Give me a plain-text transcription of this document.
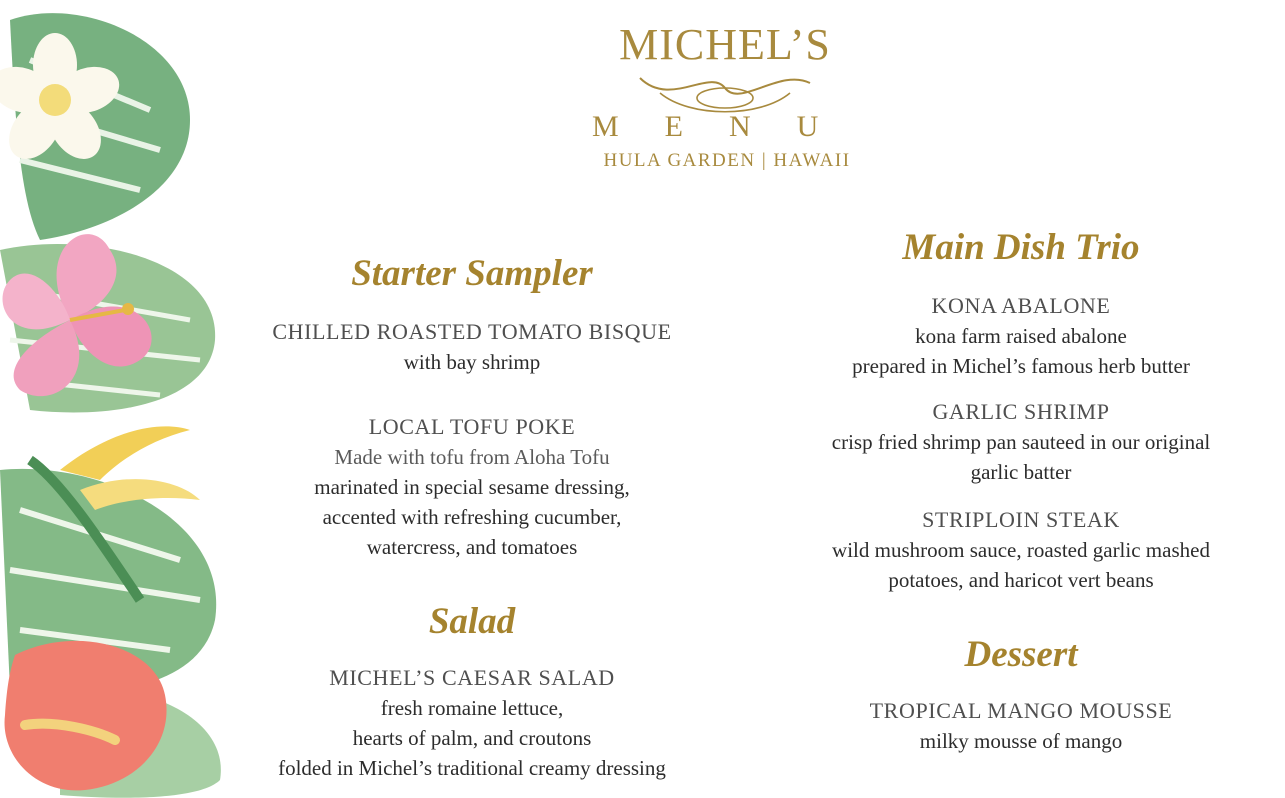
MICHEL’S
MENU
HULA GARDEN | HAWAII
Starter Sampler
CHILLED ROASTED TOMATO BISQUE
with bay shrimp
LOCAL TOFU POKE
Made with tofu from Aloha Tofu
marinated in special sesame dressing,
accented with refreshing cucumber,
watercress, and tomatoes
Salad
MICHEL’S CAESAR SALAD
fresh romaine lettuce,
hearts of palm, and croutons
folded in Michel’s traditional creamy dressing
Main Dish Trio
KONA ABALONE
kona farm raised abalone
prepared in Michel’s famous herb butter
GARLIC SHRIMP
crisp fried shrimp pan sauteed in our original
garlic batter
STRIPLOIN STEAK
wild mushroom sauce, roasted garlic mashed
potatoes, and haricot vert beans
Dessert
TROPICAL MANGO MOUSSE
milky mousse of mango
